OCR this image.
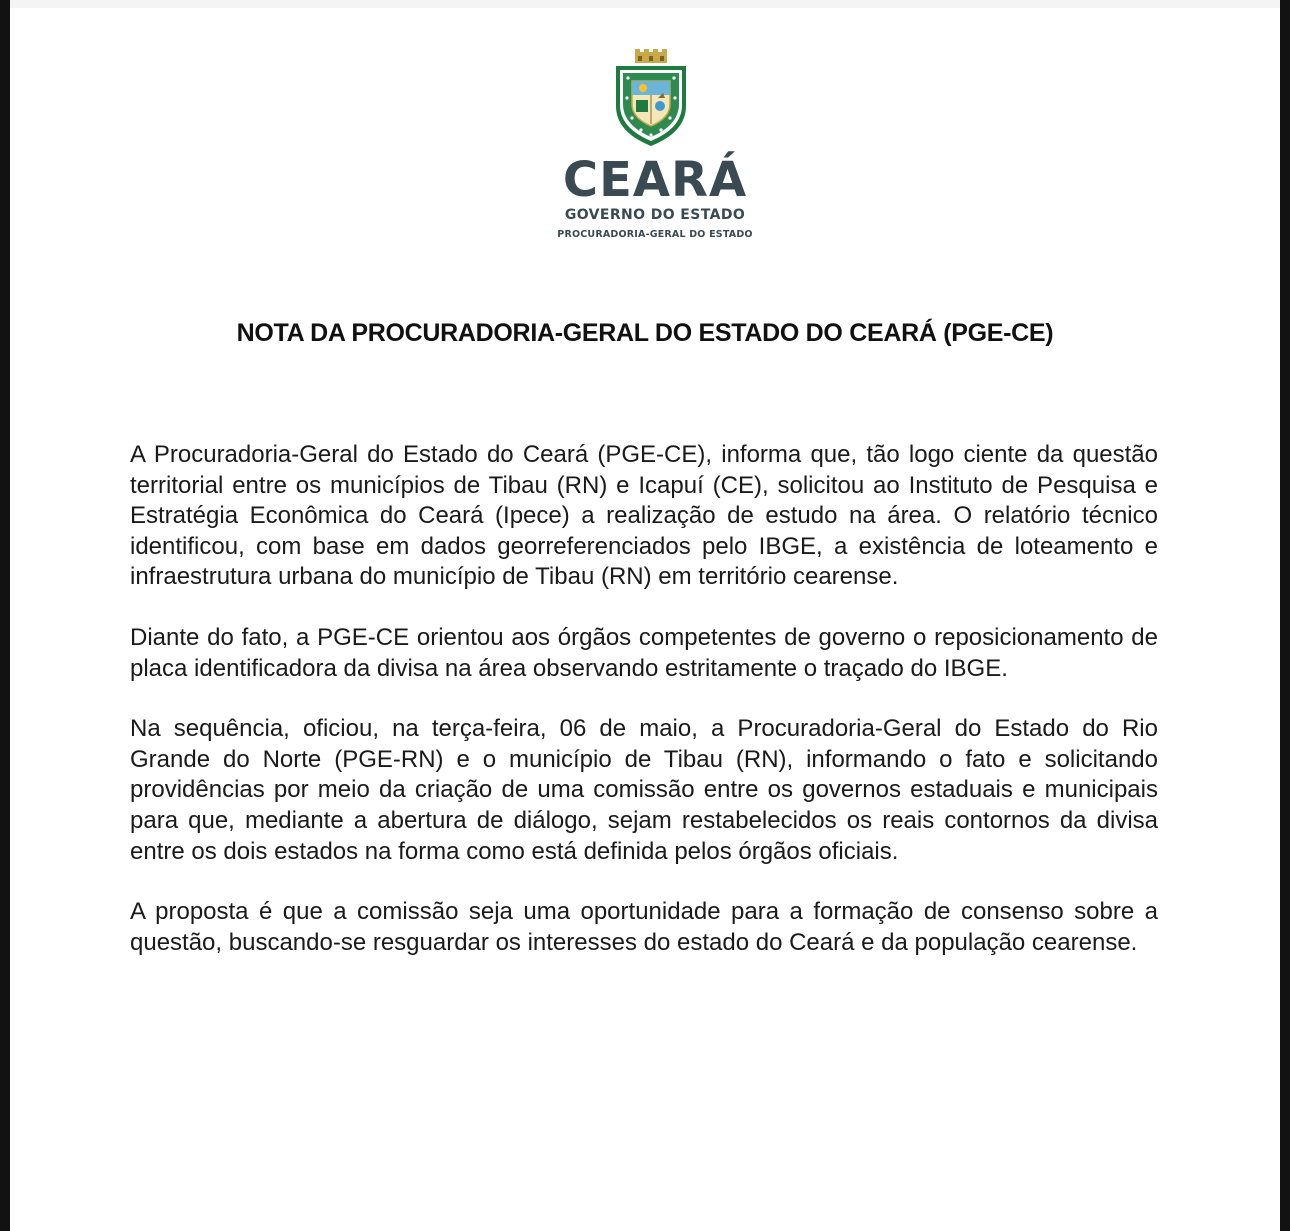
CEARÁ
GOVERNO DO ESTADO
PROCURADORIA-GERAL DO ESTADO
NOTA DA PROCURADORIA-GERAL DO ESTADO DO CEARÁ (PGE-CE)

A Procuradoria-Geral do Estado do Ceará (PGE-CE), informa que, tão logo ciente da questão territorial entre os municípios de Tibau (RN) e Icapuí (CE), solicitou ao Instituto de Pesquisa e Estratégia Econômica do Ceará (Ipece) a realização de estudo na área. O relatório técnico identificou, com base em dados georreferenciados pelo IBGE, a existência de loteamento e infraestrutura urbana do município de Tibau (RN) em território cearense.

Diante do fato, a PGE-CE orientou aos órgãos competentes de governo o reposicionamento de placa identificadora da divisa na área observando estritamente o traçado do IBGE.

Na sequência, oficiou, na terça-feira, 06 de maio, a Procuradoria-Geral do Estado do Rio Grande do Norte (PGE-RN) e o município de Tibau (RN), informando o fato e solicitando providências por meio da criação de uma comissão entre os governos estaduais e municipais para que, mediante a abertura de diálogo, sejam restabelecidos os reais contornos da divisa entre os dois estados na forma como está definida pelos órgãos oficiais.

A proposta é que a comissão seja uma oportunidade para a formação de consenso sobre a questão, buscando-se resguardar os interesses do estado do Ceará e da população cearense.
